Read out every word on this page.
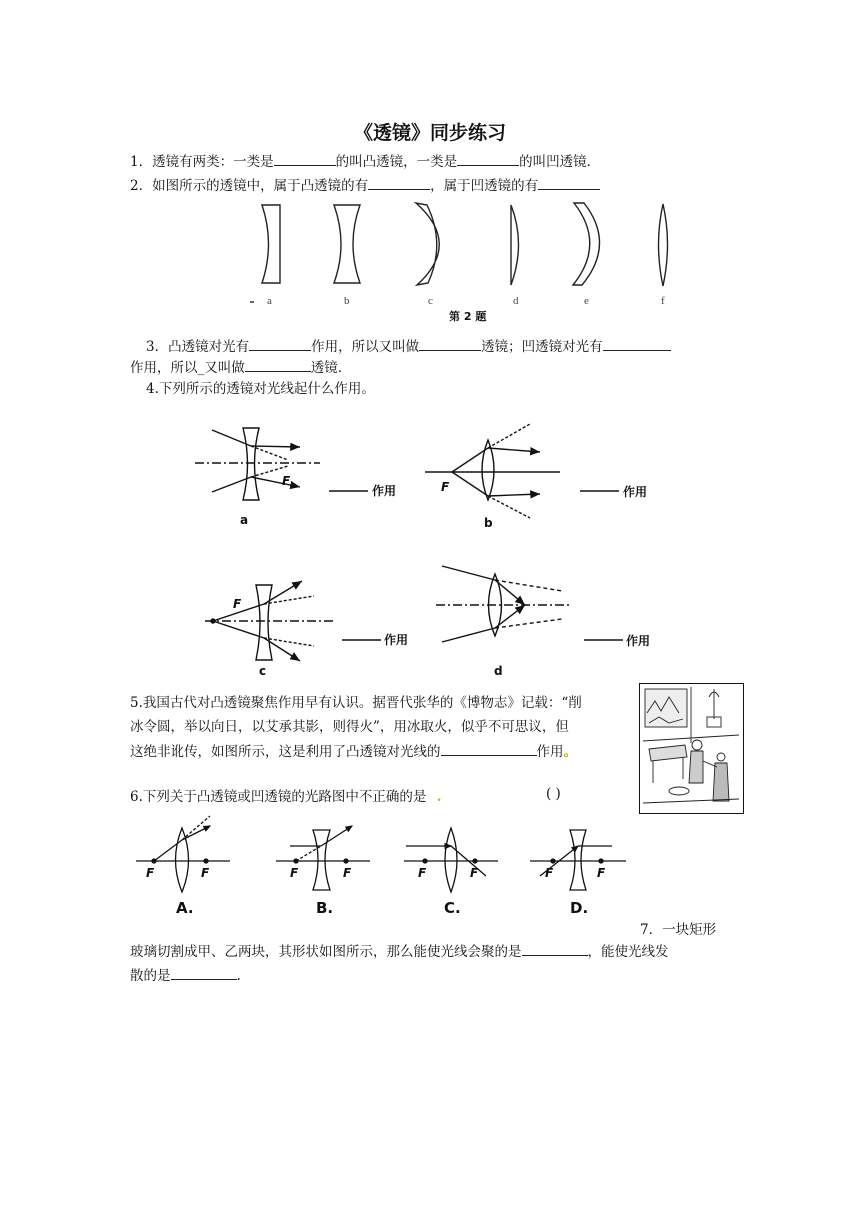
《透镜》同步练习
1．透镜有两类：一类是	的叫凸透镜，一类是	的叫凹透镜．
2．如图所示的透镜中，属于凸透镜的有	，属于凹透镜的有
a	b	c	d	e	f
第 2 题
3．凸透镜对光有	作用，所以又叫做	透镜；凹透镜对光有
作用，所以_又叫做	透镜．
4.下列所示的透镜对光线起什么作用。
F
作用
a
F	作用
b
F
作用
c
作用
d
5.我国古代对凸透镜聚焦作用早有认识。据晋代张华的《博物志》记载：“削
冰令圆，举以向日，以艾承其影，则得火”，用冰取火，似乎不可思议，但
这绝非讹传，如图所示，这是利用了凸透镜对光线的	作用。
6.下列关于凸透镜或凹透镜的光路图中不正确的是 .	( )
F	F
A.
F	F
B.
F	F
C.
F	F
D.
7．一块矩形
玻璃切割成甲、乙两块，其形状如图所示，那么能使光线会聚的是	，能使光线发
散的是	.
